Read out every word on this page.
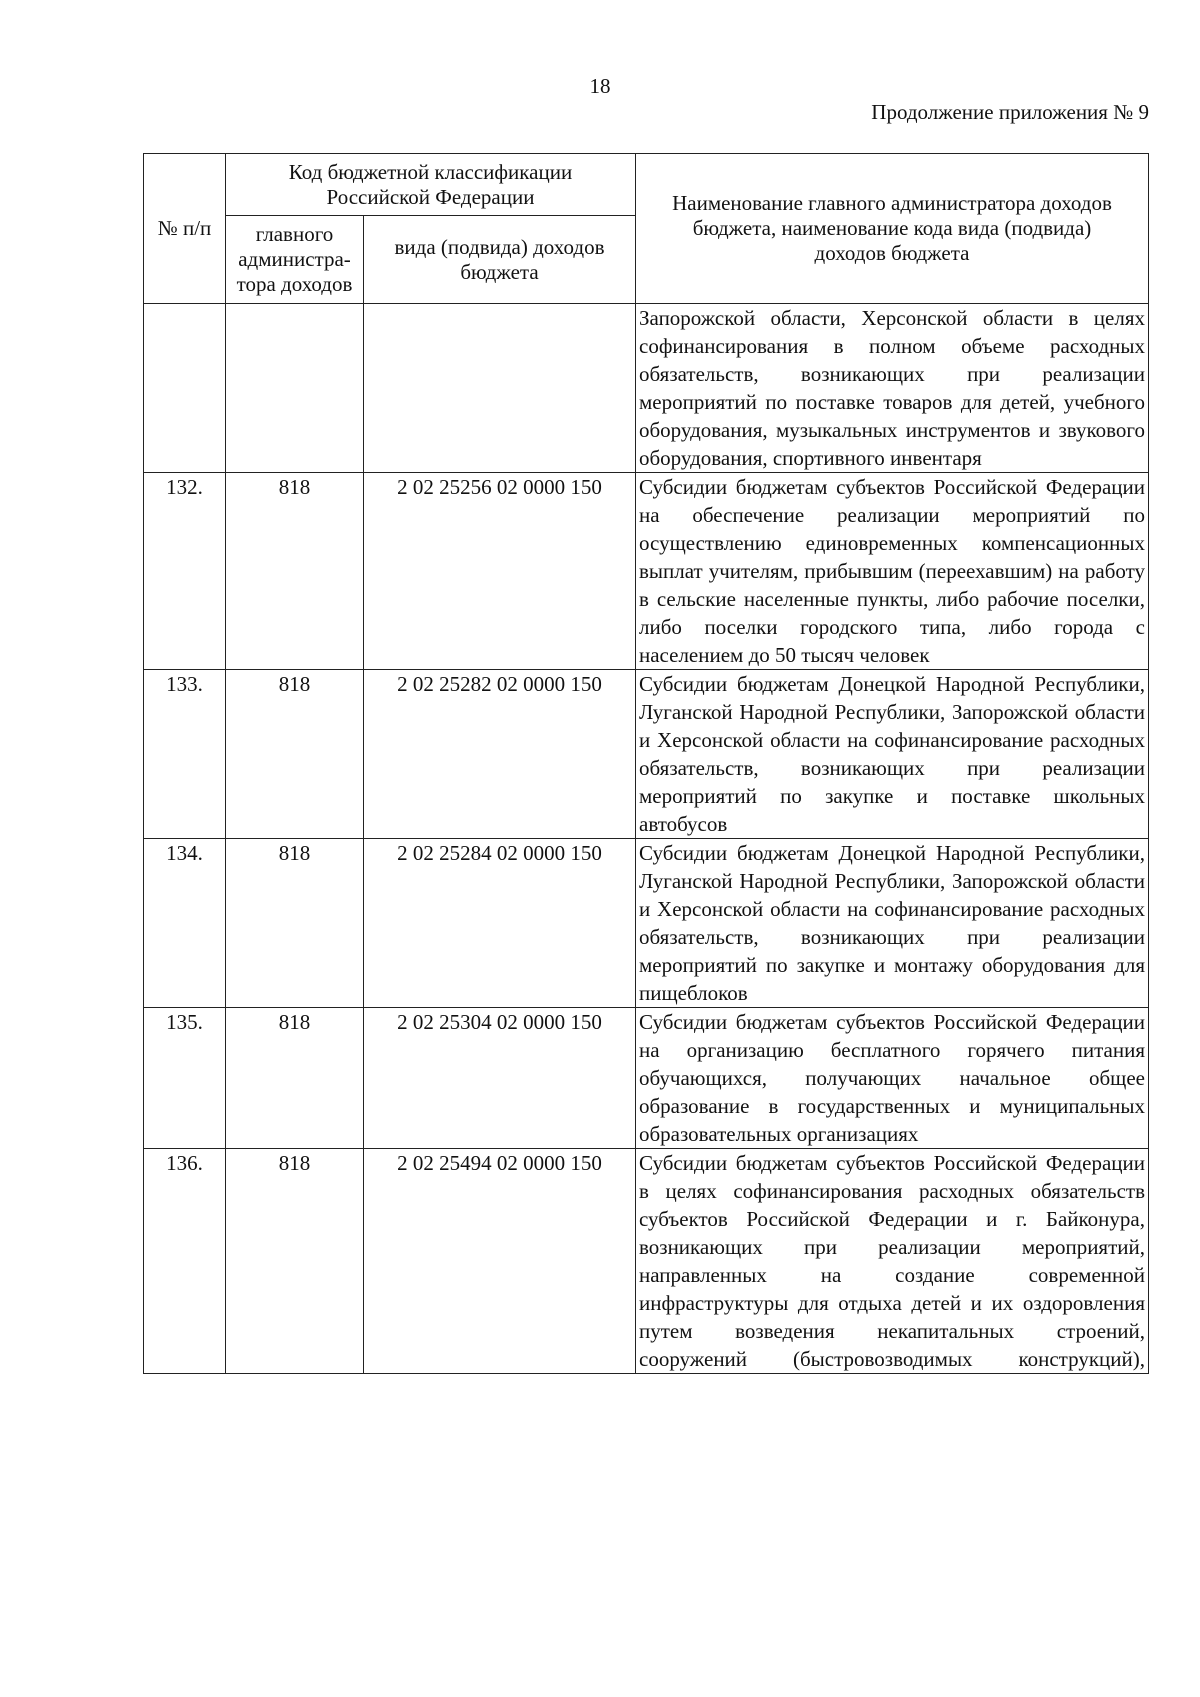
18
Продолжение приложения № 9
№ п/п	Код бюджетной классификации Российской Федерации		Наименование главного администратора доходов бюджета, наименование кода вида (подвида) доходов бюджета
	главного администра-тора доходов	вида (подвида) доходов бюджета	
			Запорожской области, Херсонской области в целях софинансирования в полном объеме расходных обязательств, возникающих при реализации мероприятий по поставке товаров для детей, учебного оборудования, музыкальных инструментов и звукового оборудования, спортивного инвентаря
132.	818	2 02 25256 02 0000 150	Субсидии бюджетам субъектов Российской Федерации на обеспечение реализации мероприятий по осуществлению единовременных компенсационных выплат учителям, прибывшим (переехавшим) на работу в сельские населенные пункты, либо рабочие поселки, либо поселки городского типа, либо города с населением до 50 тысяч человек
133.	818	2 02 25282 02 0000 150	Субсидии бюджетам Донецкой Народной Республики, Луганской Народной Республики, Запорожской области и Херсонской области на софинансирование расходных обязательств, возникающих при реализации мероприятий по закупке и поставке школьных автобусов
134.	818	2 02 25284 02 0000 150	Субсидии бюджетам Донецкой Народной Республики, Луганской Народной Республики, Запорожской области и Херсонской области на софинансирование расходных обязательств, возникающих при реализации мероприятий по закупке и монтажу оборудования для пищеблоков
135.	818	2 02 25304 02 0000 150	Субсидии бюджетам субъектов Российской Федерации на организацию бесплатного горячего питания обучающихся, получающих начальное общее образование в государственных и муниципальных образовательных организациях
136.	818	2 02 25494 02 0000 150	Субсидии бюджетам субъектов Российской Федерации в целях софинансирования расходных обязательств субъектов Российской Федерации и г. Байконура, возникающих при реализации мероприятий, направленных на создание современной инфраструктуры для отдыха детей и их оздоровления путем возведения некапитальных строений, сооружений (быстровозводимых конструкций),
